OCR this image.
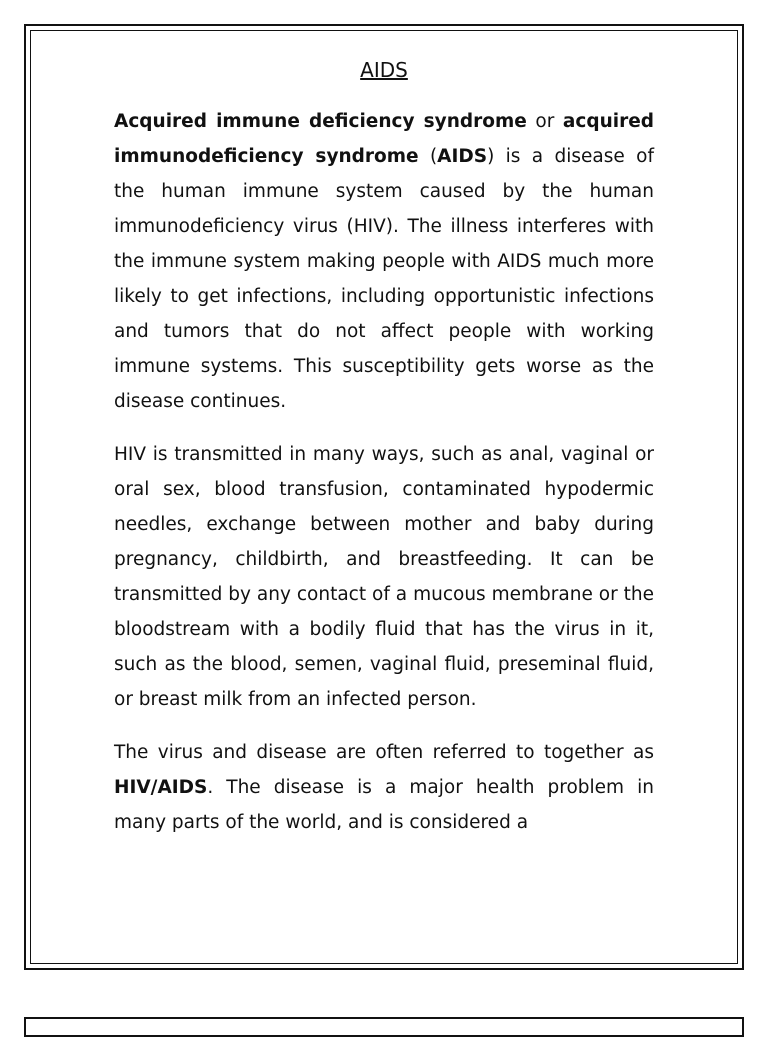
AIDS

Acquired immune deficiency syndrome or acquired immunodeficiency syndrome (AIDS) is a disease of the human immune system caused by the human immunodeficiency virus (HIV). The illness interferes with the immune system making people with AIDS much more likely to get infections, including opportunistic infections and tumors that do not affect people with working immune systems. This susceptibility gets worse as the disease continues.

HIV is transmitted in many ways, such as anal, vaginal or oral sex, blood transfusion, contaminated hypodermic needles, exchange between mother and baby during pregnancy, childbirth, and breastfeeding. It can be transmitted by any contact of a mucous membrane or the bloodstream with a bodily fluid that has the virus in it, such as the blood, semen, vaginal fluid, preseminal fluid, or breast milk from an infected person.

The virus and disease are often referred to together as HIV/AIDS. The disease is a major health problem in many parts of the world, and is considered a
